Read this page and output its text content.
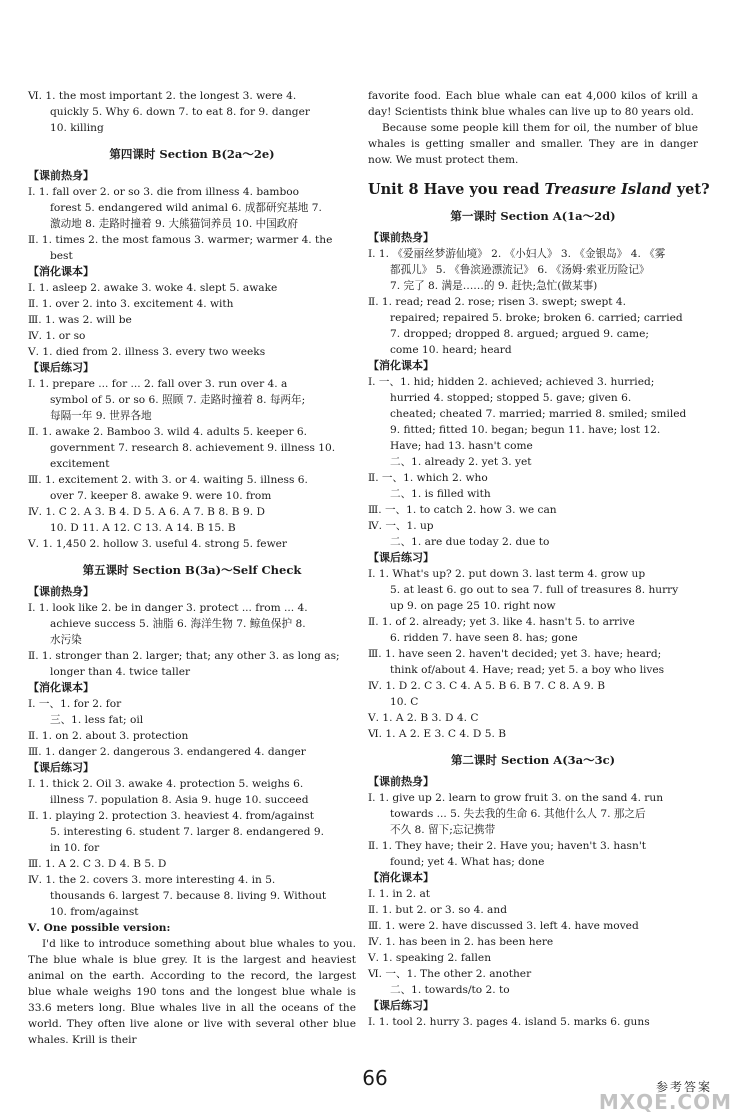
Ⅵ. 1. the most important 2. the longest 3. were 4.
quickly 5. Why 6. down 7. to eat 8. for 9. danger
10. killing
第四课时 Section B(2a～2e)
【课前热身】
Ⅰ. 1. fall over 2. or so 3. die from illness 4. bamboo
forest 5. endangered wild animal 6. 成都研究基地 7.
激动地 8. 走路时撞着 9. 大熊猫饲养员 10. 中国政府
Ⅱ. 1. times 2. the most famous 3. warmer; warmer 4. the
best
【消化课本】
Ⅰ. 1. asleep 2. awake 3. woke 4. slept 5. awake
Ⅱ. 1. over 2. into 3. excitement 4. with
Ⅲ. 1. was 2. will be
Ⅳ. 1. or so
Ⅴ. 1. died from 2. illness 3. every two weeks
【课后练习】
Ⅰ. 1. prepare ... for ... 2. fall over 3. run over 4. a
symbol of 5. or so 6. 照顾 7. 走路时撞着 8. 每两年;
每隔一年 9. 世界各地
Ⅱ. 1. awake 2. Bamboo 3. wild 4. adults 5. keeper 6.
government 7. research 8. achievement 9. illness 10.
excitement
Ⅲ. 1. excitement 2. with 3. or 4. waiting 5. illness 6.
over 7. keeper 8. awake 9. were 10. from
Ⅳ. 1. C 2. A 3. B 4. D 5. A 6. A 7. B 8. B 9. D
10. D 11. A 12. C 13. A 14. B 15. B
Ⅴ. 1. 1,450 2. hollow 3. useful 4. strong 5. fewer
第五课时 Section B(3a)～Self Check
【课前热身】
Ⅰ. 1. look like 2. be in danger 3. protect ... from ... 4.
achieve success 5. 油脂 6. 海洋生物 7. 鲸鱼保护 8.
水污染
Ⅱ. 1. stronger than 2. larger; that; any other 3. as long as;
longer than 4. twice taller
【消化课本】
Ⅰ. 一、1. for 2. for
三、1. less fat; oil
Ⅱ. 1. on 2. about 3. protection
Ⅲ. 1. danger 2. dangerous 3. endangered 4. danger
【课后练习】
Ⅰ. 1. thick 2. Oil 3. awake 4. protection 5. weighs 6.
illness 7. population 8. Asia 9. huge 10. succeed
Ⅱ. 1. playing 2. protection 3. heaviest 4. from/against
5. interesting 6. student 7. larger 8. endangered 9.
in 10. for
Ⅲ. 1. A 2. C 3. D 4. B 5. D
Ⅳ. 1. the 2. covers 3. more interesting 4. in 5.
thousands 6. largest 7. because 8. living 9. Without
10. from/against
Ⅴ. One possible version:
I'd like to introduce something about blue whales to you. The blue whale is blue grey. It is the largest and heaviest animal on the earth. According to the record, the largest blue whale weighs 190 tons and the longest blue whale is 33.6 meters long. Blue whales live in all the oceans of the world. They often live alone or live with several other blue whales. Krill is their
favorite food. Each blue whale can eat 4,000 kilos of krill a day! Scientists think blue whales can live up to 80 years old.
Because some people kill them for oil, the number of blue whales is getting smaller and smaller. They are in danger now. We must protect them.
Unit 8 Have you read Treasure Island yet?
第一课时 Section A(1a～2d)
【课前热身】
Ⅰ. 1. 《爱丽丝梦游仙境》 2. 《小妇人》 3. 《金银岛》 4. 《雾
都孤儿》 5. 《鲁滨逊漂流记》 6. 《汤姆·索亚历险记》
7. 完了 8. 满是……的 9. 赶快;急忙(做某事)
Ⅱ. 1. read; read 2. rose; risen 3. swept; swept 4.
repaired; repaired 5. broke; broken 6. carried; carried
7. dropped; dropped 8. argued; argued 9. came;
come 10. heard; heard
【消化课本】
Ⅰ. 一、1. hid; hidden 2. achieved; achieved 3. hurried;
hurried 4. stopped; stopped 5. gave; given 6.
cheated; cheated 7. married; married 8. smiled; smiled
9. fitted; fitted 10. began; begun 11. have; lost 12.
Have; had 13. hasn't come
二、1. already 2. yet 3. yet
Ⅱ. 一、1. which 2. who
二、1. is filled with
Ⅲ. 一、1. to catch 2. how 3. we can
Ⅳ. 一、1. up
二、1. are due today 2. due to
【课后练习】
Ⅰ. 1. What's up? 2. put down 3. last term 4. grow up
5. at least 6. go out to sea 7. full of treasures 8. hurry
up 9. on page 25 10. right now
Ⅱ. 1. of 2. already; yet 3. like 4. hasn't 5. to arrive
6. ridden 7. have seen 8. has; gone
Ⅲ. 1. have seen 2. haven't decided; yet 3. have; heard;
think of/about 4. Have; read; yet 5. a boy who lives
Ⅳ. 1. D 2. C 3. C 4. A 5. B 6. B 7. C 8. A 9. B
10. C
Ⅴ. 1. A 2. B 3. D 4. C
Ⅵ. 1. A 2. E 3. C 4. D 5. B
第二课时 Section A(3a～3c)
【课前热身】
Ⅰ. 1. give up 2. learn to grow fruit 3. on the sand 4. run
towards ... 5. 失去我的生命 6. 其他什么人 7. 那之后
不久 8. 留下;忘记携带
Ⅱ. 1. They have; their 2. Have you; haven't 3. hasn't
found; yet 4. What has; done
【消化课本】
Ⅰ. 1. in 2. at
Ⅱ. 1. but 2. or 3. so 4. and
Ⅲ. 1. were 2. have discussed 3. left 4. have moved
Ⅳ. 1. has been in 2. has been here
Ⅴ. 1. speaking 2. fallen
Ⅵ. 一、1. The other 2. another
二、1. towards/to 2. to
【课后练习】
Ⅰ. 1. tool 2. hurry 3. pages 4. island 5. marks 6. guns
66	参考答案
MXQE.COM
